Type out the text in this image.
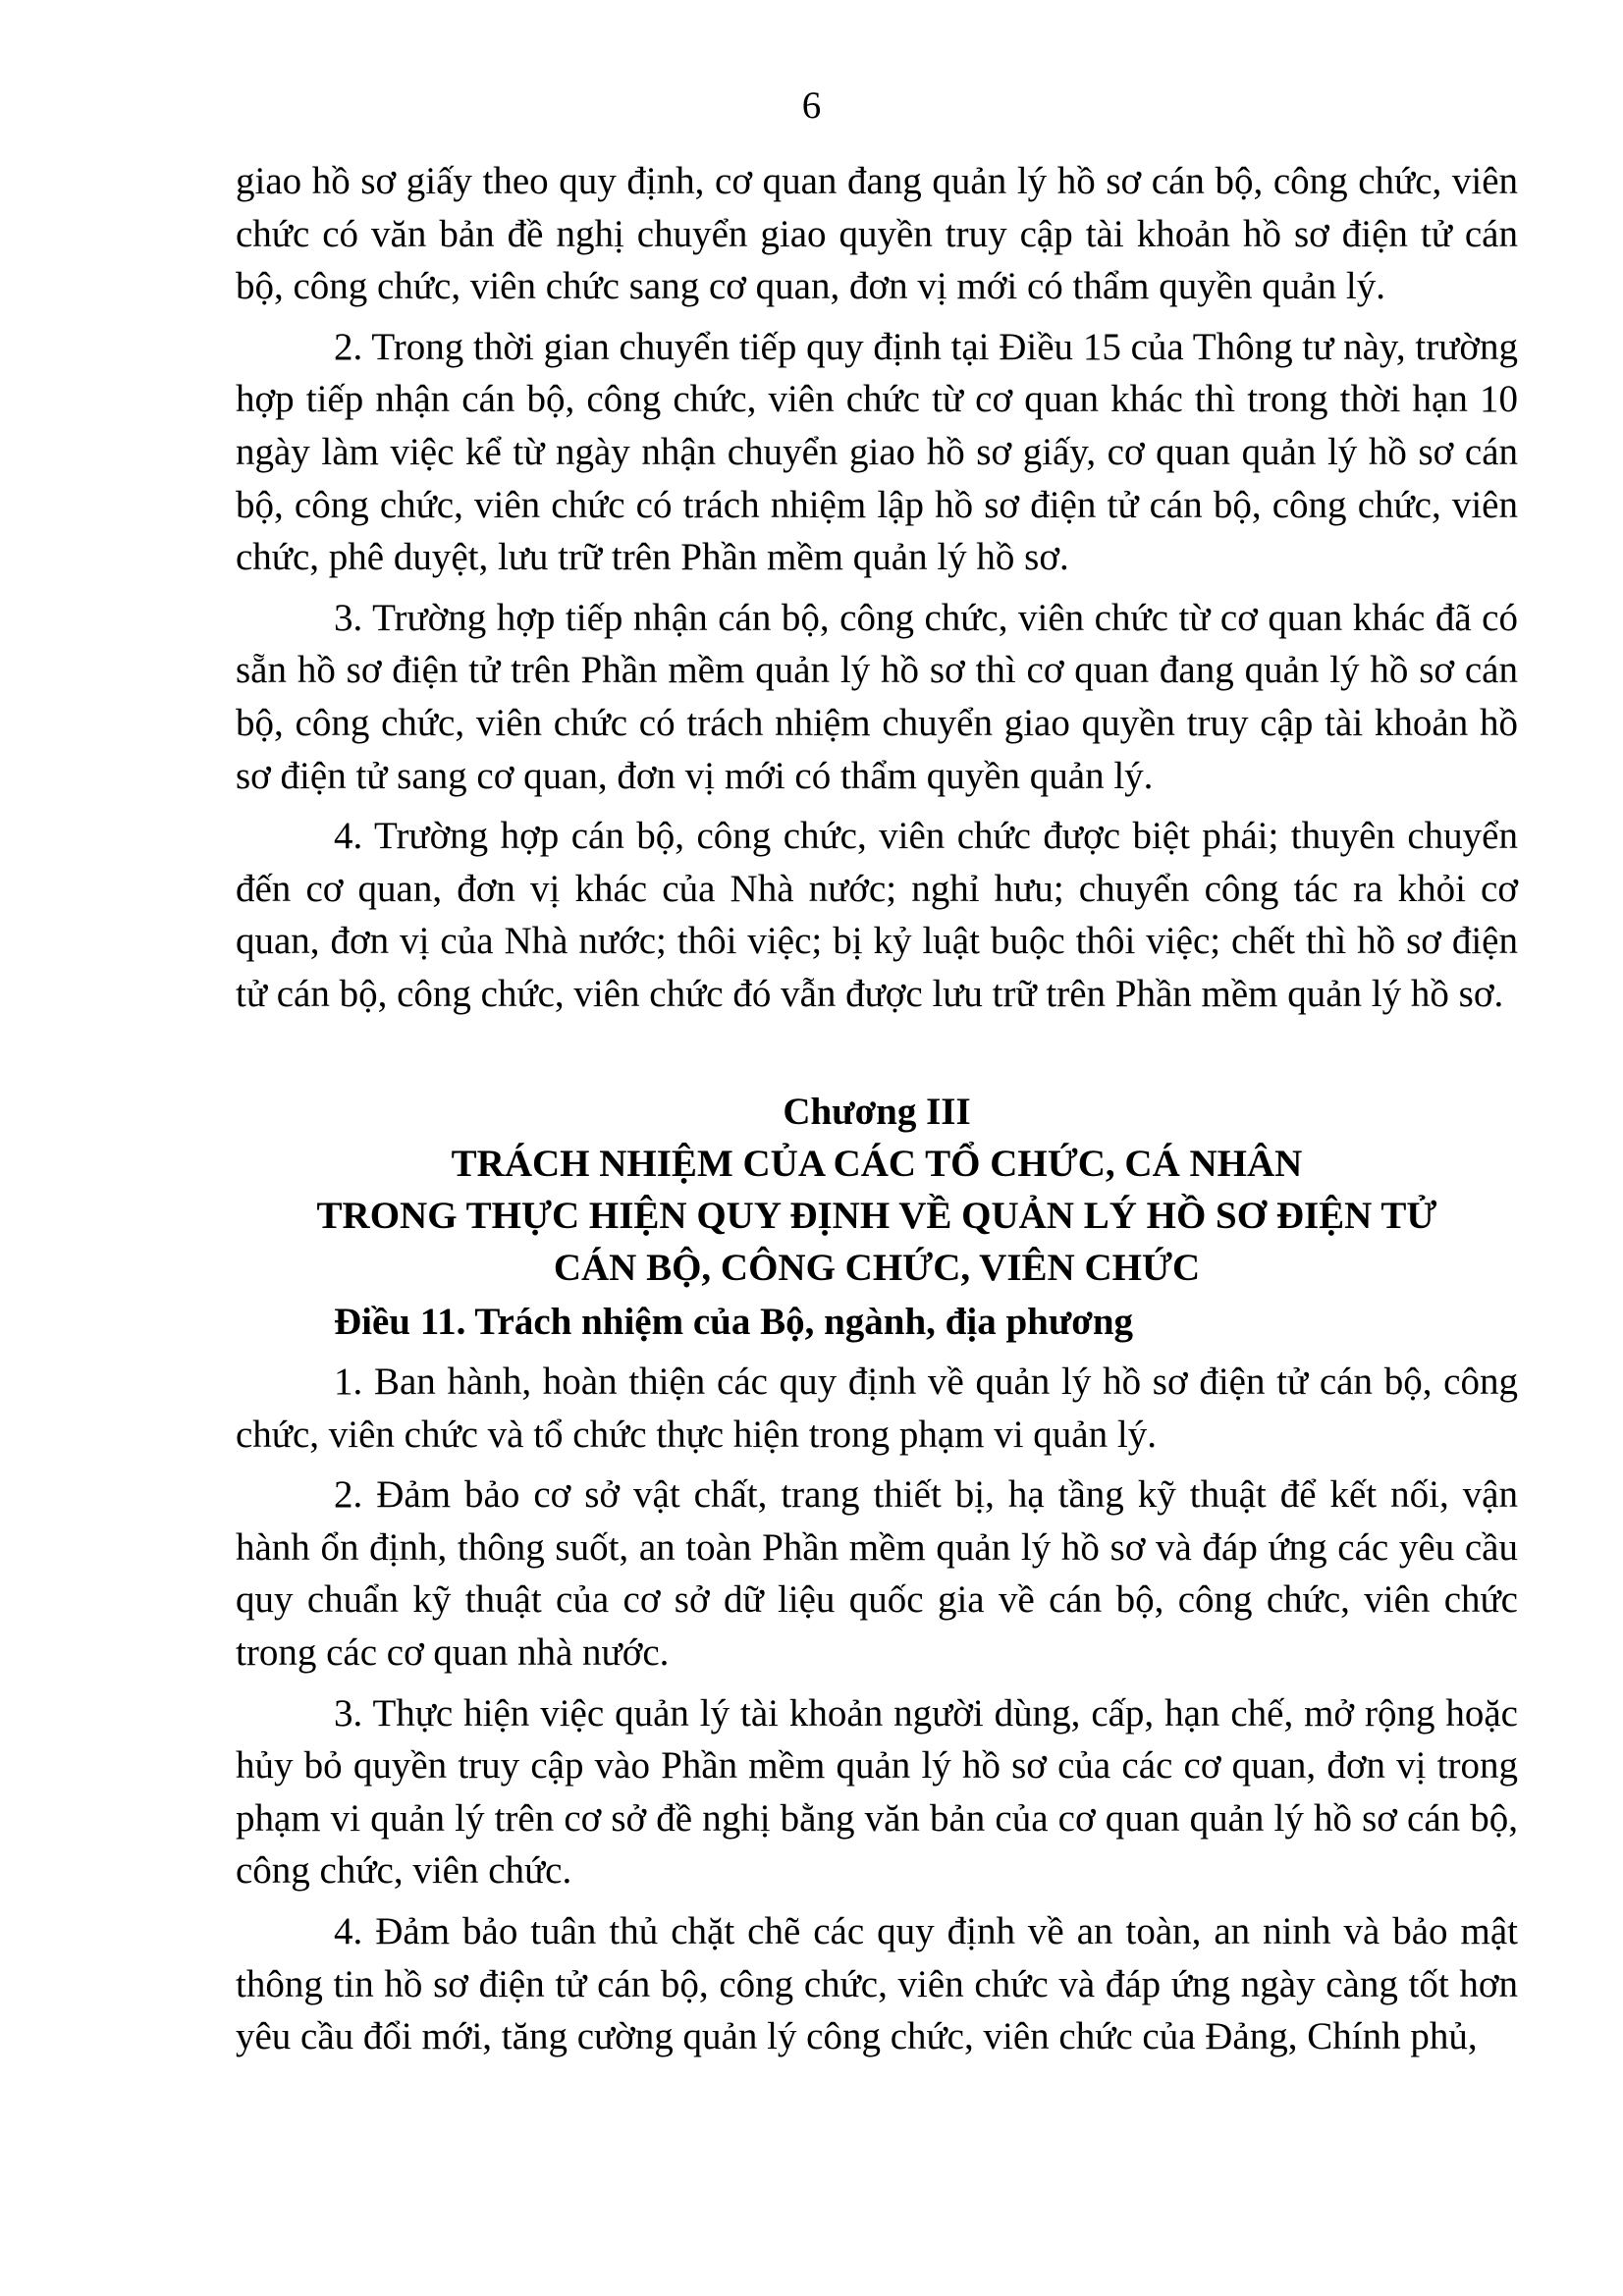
6

giao hồ sơ giấy theo quy định, cơ quan đang quản lý hồ sơ cán bộ, công chức, viên chức có văn bản đề nghị chuyển giao quyền truy cập tài khoản hồ sơ điện tử cán bộ, công chức, viên chức sang cơ quan, đơn vị mới có thẩm quyền quản lý.

2. Trong thời gian chuyển tiếp quy định tại Điều 15 của Thông tư này, trường hợp tiếp nhận cán bộ, công chức, viên chức từ cơ quan khác thì trong thời hạn 10 ngày làm việc kể từ ngày nhận chuyển giao hồ sơ giấy, cơ quan quản lý hồ sơ cán bộ, công chức, viên chức có trách nhiệm lập hồ sơ điện tử cán bộ, công chức, viên chức, phê duyệt, lưu trữ trên Phần mềm quản lý hồ sơ.

3. Trường hợp tiếp nhận cán bộ, công chức, viên chức từ cơ quan khác đã có sẵn hồ sơ điện tử trên Phần mềm quản lý hồ sơ thì cơ quan đang quản lý hồ sơ cán bộ, công chức, viên chức có trách nhiệm chuyển giao quyền truy cập tài khoản hồ sơ điện tử sang cơ quan, đơn vị mới có thẩm quyền quản lý.

4. Trường hợp cán bộ, công chức, viên chức được biệt phái; thuyên chuyển đến cơ quan, đơn vị khác của Nhà nước; nghỉ hưu; chuyển công tác ra khỏi cơ quan, đơn vị của Nhà nước; thôi việc; bị kỷ luật buộc thôi việc; chết thì hồ sơ điện tử cán bộ, công chức, viên chức đó vẫn được lưu trữ trên Phần mềm quản lý hồ sơ.

Chương III
TRÁCH NHIỆM CỦA CÁC TỔ CHỨC, CÁ NHÂN
TRONG THỰC HIỆN QUY ĐỊNH VỀ QUẢN LÝ HỒ SƠ ĐIỆN TỬ
CÁN BỘ, CÔNG CHỨC, VIÊN CHỨC

Điều 11. Trách nhiệm của Bộ, ngành, địa phương

1. Ban hành, hoàn thiện các quy định về quản lý hồ sơ điện tử cán bộ, công chức, viên chức và tổ chức thực hiện trong phạm vi quản lý.

2. Đảm bảo cơ sở vật chất, trang thiết bị, hạ tầng kỹ thuật để kết nối, vận hành ổn định, thông suốt, an toàn Phần mềm quản lý hồ sơ và đáp ứng các yêu cầu quy chuẩn kỹ thuật của cơ sở dữ liệu quốc gia về cán bộ, công chức, viên chức trong các cơ quan nhà nước.

3. Thực hiện việc quản lý tài khoản người dùng, cấp, hạn chế, mở rộng hoặc hủy bỏ quyền truy cập vào Phần mềm quản lý hồ sơ của các cơ quan, đơn vị trong phạm vi quản lý trên cơ sở đề nghị bằng văn bản của cơ quan quản lý hồ sơ cán bộ, công chức, viên chức.

4. Đảm bảo tuân thủ chặt chẽ các quy định về an toàn, an ninh và bảo mật thông tin hồ sơ điện tử cán bộ, công chức, viên chức và đáp ứng ngày càng tốt hơn yêu cầu đổi mới, tăng cường quản lý công chức, viên chức của Đảng, Chính phủ,
